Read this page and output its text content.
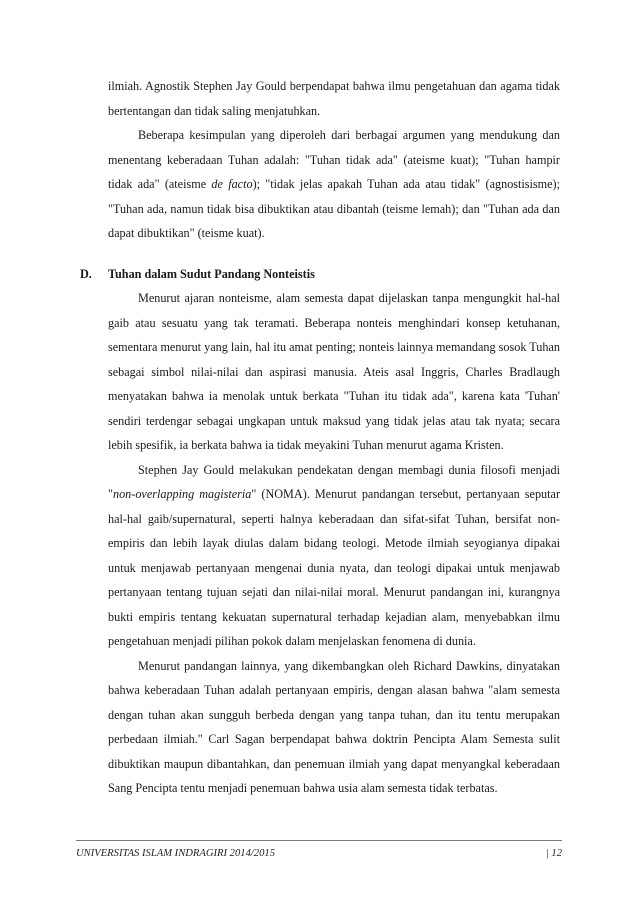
ilmiah. Agnostik Stephen Jay Gould berpendapat bahwa ilmu pengetahuan dan agama tidak bertentangan dan tidak saling menjatuhkan.

Beberapa kesimpulan yang diperoleh dari berbagai argumen yang mendukung dan menentang keberadaan Tuhan adalah: "Tuhan tidak ada" (ateisme kuat); "Tuhan hampir tidak ada" (ateisme de facto); "tidak jelas apakah Tuhan ada atau tidak" (agnostisisme); "Tuhan ada, namun tidak bisa dibuktikan atau dibantah (teisme lemah); dan "Tuhan ada dan dapat dibuktikan" (teisme kuat).

D. Tuhan dalam Sudut Pandang Nonteistis

Menurut ajaran nonteisme, alam semesta dapat dijelaskan tanpa mengungkit hal-hal gaib atau sesuatu yang tak teramati. Beberapa nonteis menghindari konsep ketuhanan, sementara menurut yang lain, hal itu amat penting; nonteis lainnya memandang sosok Tuhan sebagai simbol nilai-nilai dan aspirasi manusia. Ateis asal Inggris, Charles Bradlaugh menyatakan bahwa ia menolak untuk berkata "Tuhan itu tidak ada", karena kata 'Tuhan' sendiri terdengar sebagai ungkapan untuk maksud yang tidak jelas atau tak nyata; secara lebih spesifik, ia berkata bahwa ia tidak meyakini Tuhan menurut agama Kristen.

Stephen Jay Gould melakukan pendekatan dengan membagi dunia filosofi menjadi "non-overlapping magisteria" (NOMA). Menurut pandangan tersebut, pertanyaan seputar hal-hal gaib/supernatural, seperti halnya keberadaan dan sifat-sifat Tuhan, bersifat non-empiris dan lebih layak diulas dalam bidang teologi. Metode ilmiah seyogianya dipakai untuk menjawab pertanyaan mengenai dunia nyata, dan teologi dipakai untuk menjawab pertanyaan tentang tujuan sejati dan nilai-nilai moral. Menurut pandangan ini, kurangnya bukti empiris tentang kekuatan supernatural terhadap kejadian alam, menyebabkan ilmu pengetahuan menjadi pilihan pokok dalam menjelaskan fenomena di dunia.

Menurut pandangan lainnya, yang dikembangkan oleh Richard Dawkins, dinyatakan bahwa keberadaan Tuhan adalah pertanyaan empiris, dengan alasan bahwa "alam semesta dengan tuhan akan sungguh berbeda dengan yang tanpa tuhan, dan itu tentu merupakan perbedaan ilmiah." Carl Sagan berpendapat bahwa doktrin Pencipta Alam Semesta sulit dibuktikan maupun dibantahkan, dan penemuan ilmiah yang dapat menyangkal keberadaan Sang Pencipta tentu menjadi penemuan bahwa usia alam semesta tidak terbatas.

UNIVERSITAS ISLAM INDRAGIRI 2014/2015	| 12
